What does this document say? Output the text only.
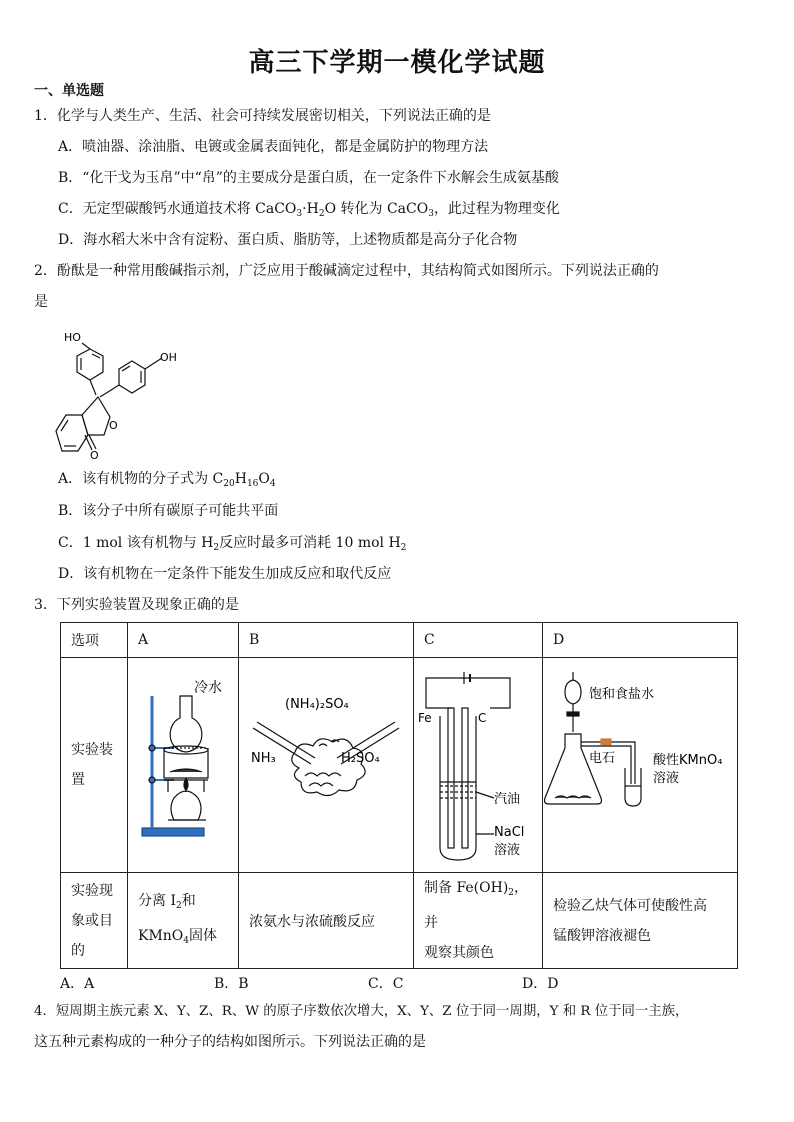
高三下学期一模化学试题
一、单选题
1．化学与人类生产、生活、社会可持续发展密切相关，下列说法正确的是
A．喷油器、涂油脂、电镀或金属表面钝化，都是金属防护的物理方法
B．“化干戈为玉帛”中“帛”的主要成分是蛋白质，在一定条件下水解会生成氨基酸
C．无定型碳酸钙水通道技术将 $CaCO_3\cdot H_2O$ 转化为 CaCO$_3$，此过程为物理变化
D．海水稻大米中含有淀粉、蛋白质、脂肪等，上述物质都是高分子化合物
2．酚酞是一种常用酸碱指示剂，广泛应用于酸碱滴定过程中，其结构简式如图所示。下列说法正确的
是
HO
OH
O
O
A．该有机物的分子式为 $C_{20}H_{16}O_4$
B．该分子中所有碳原子可能共平面
C．1 mol 该有机物与 $H_2$反应时最多可消耗 10 mol $H_2$
D．该有机物在一定条件下能发生加成反应和取代反应
3．下列实验装置及现象正确的是
选项	A	B	C	D
实验装置	冷水	(NH₄)₂SO₄
NH₃ H₂SO₄	Fe C
汽油
NaCl
溶液	饱和食盐水
电石 酸性KMnO₄
溶液

实验现象或目的	分离 $I_2$和
KMnO$_4$固体	浓氨水与浓硫酸反应	制备 $Fe(OH)_2$，并
观察其颜色	检验乙炔气体可使酸性高
锰酸钾溶液褪色
A．A	B．B	C．C	D．D
4．短周期主族元素 X、Y、Z、R、W 的原子序数依次增大，X、Y、Z 位于同一周期，Y 和 R 位于同一主族，
这五种元素构成的一种分子的结构如图所示。下列说法正确的是
